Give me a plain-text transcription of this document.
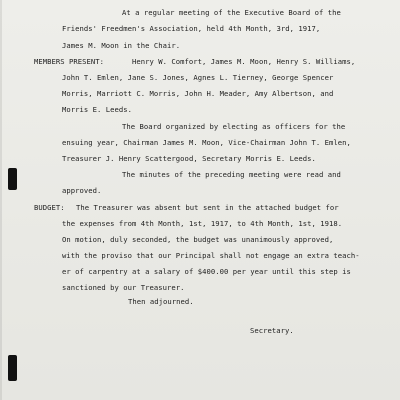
At a regular meeting of the Executive Board of the
Friends' Freedmen's Association, held 4th Month, 3rd, 1917,
James M. Moon in the Chair.
MEMBERS PRESENT:	Henry W. Comfort, James M. Moon, Henry S. Williams,
John T. Emlen, Jane S. Jones, Agnes L. Tierney, George Spencer
Morris, Marriott C. Morris, John H. Meader, Amy Albertson, and
Morris E. Leeds.
The Board organized by electing as officers for the
ensuing year, Chairman James M. Moon, Vice-Chairman John T. Emlen,
Treasurer J. Henry Scattergood, Secretary Morris E. Leeds.
The minutes of the preceding meeting were read and
approved.
BUDGET: The Treasurer was absent but sent in the attached budget for
the expenses from 4th Month, 1st, 1917, to 4th Month, 1st, 1918.
On motion, duly seconded, the budget was unanimously approved,
with the proviso that our Principal shall not engage an extra teach-
er of carpentry at a salary of $400.00 per year until this step is
sanctioned by our Treasurer.
Then adjourned.
Secretary.
